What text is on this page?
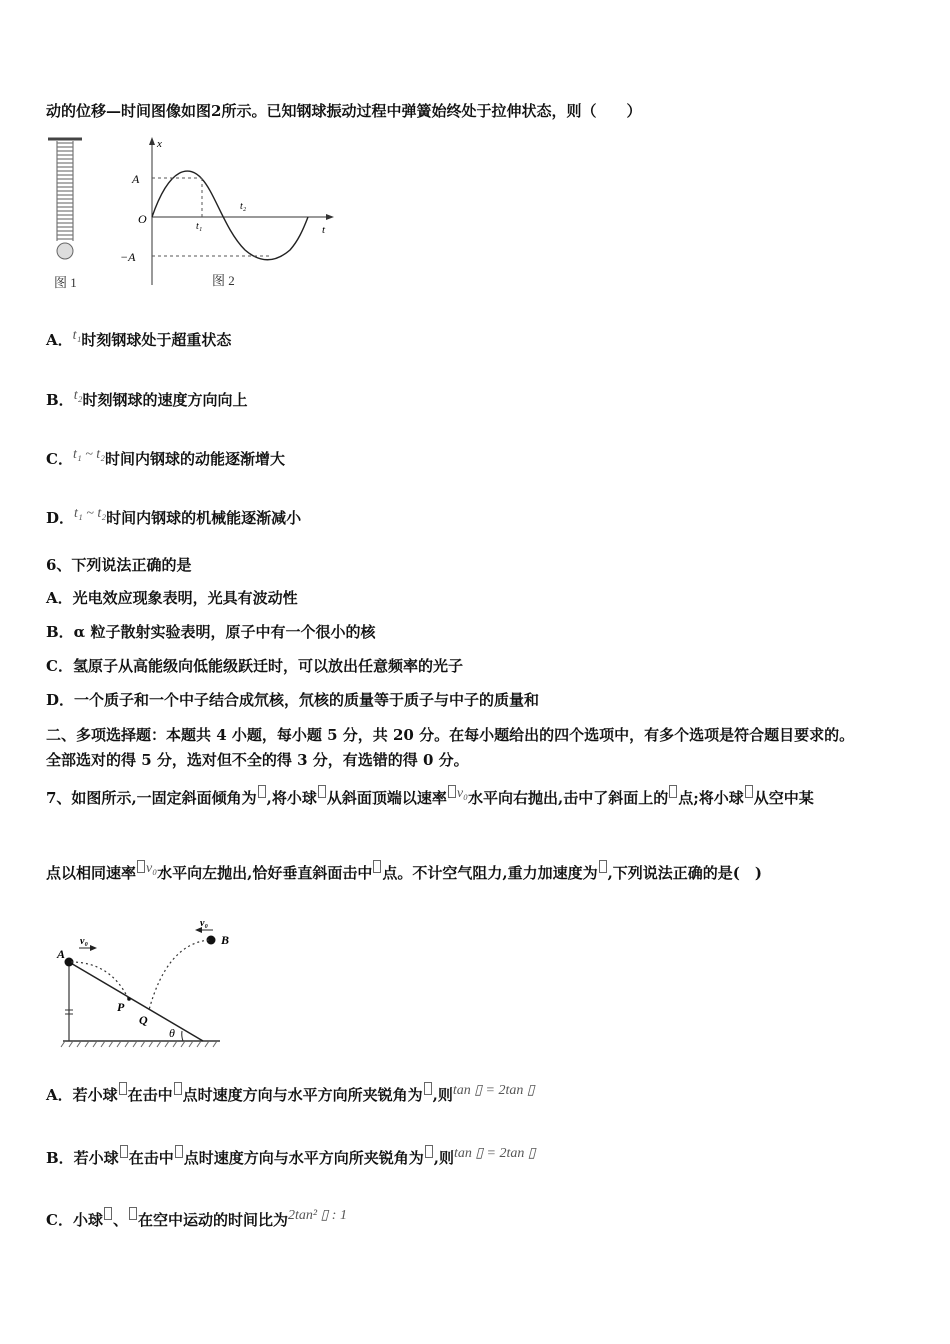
动的位移—时间图像如图2所示。已知钢球振动过程中弹簧始终处于拉伸状态，则（　　）
图 1
x
t
A
−A
O
t₁
t₂
图 2
A．t₁时刻钢球处于超重状态
B．t₂时刻钢球的速度方向向上
C．t₁ ~ t₂时间内钢球的动能逐渐增大
D．t₁ ~ t₂时间内钢球的机械能逐渐减小
6、下列说法正确的是
A．光电效应现象表明，光具有波动性
B．α 粒子散射实验表明，原子中有一个很小的核
C．氢原子从高能级向低能级跃迁时，可以放出任意频率的光子
D．一个质子和一个中子结合成氘核，氘核的质量等于质子与中子的质量和
二、多项选择题：本题共 4 小题，每小题 5 分，共 20 分。在每小题给出的四个选项中，有多个选项是符合题目要求的。
全部选对的得 5 分，选对但不全的得 3 分，有选错的得 0 分。
7、如图所示,一固定斜面倾角为 ,将小球 从斜面顶端以速率 v₀水平向右抛出,击中了斜面上的 点;将小球 从空中某
点以相同速率 v₀水平向左抛出,恰好垂直斜面击中 点。不计空气阻力,重力加速度为 ,下列说法正确的是(　)
A
B
P
Q
θ
v₀
v₀
A．若小球 在击中 点时速度方向与水平方向所夹锐角为 ,则tan ▯ = 2tan ▯
B．若小球 在击中 点时速度方向与水平方向所夹锐角为 ,则tan ▯ = 2tan ▯
C．小球 、 在空中运动的时间比为2tan² ▯ : 1
